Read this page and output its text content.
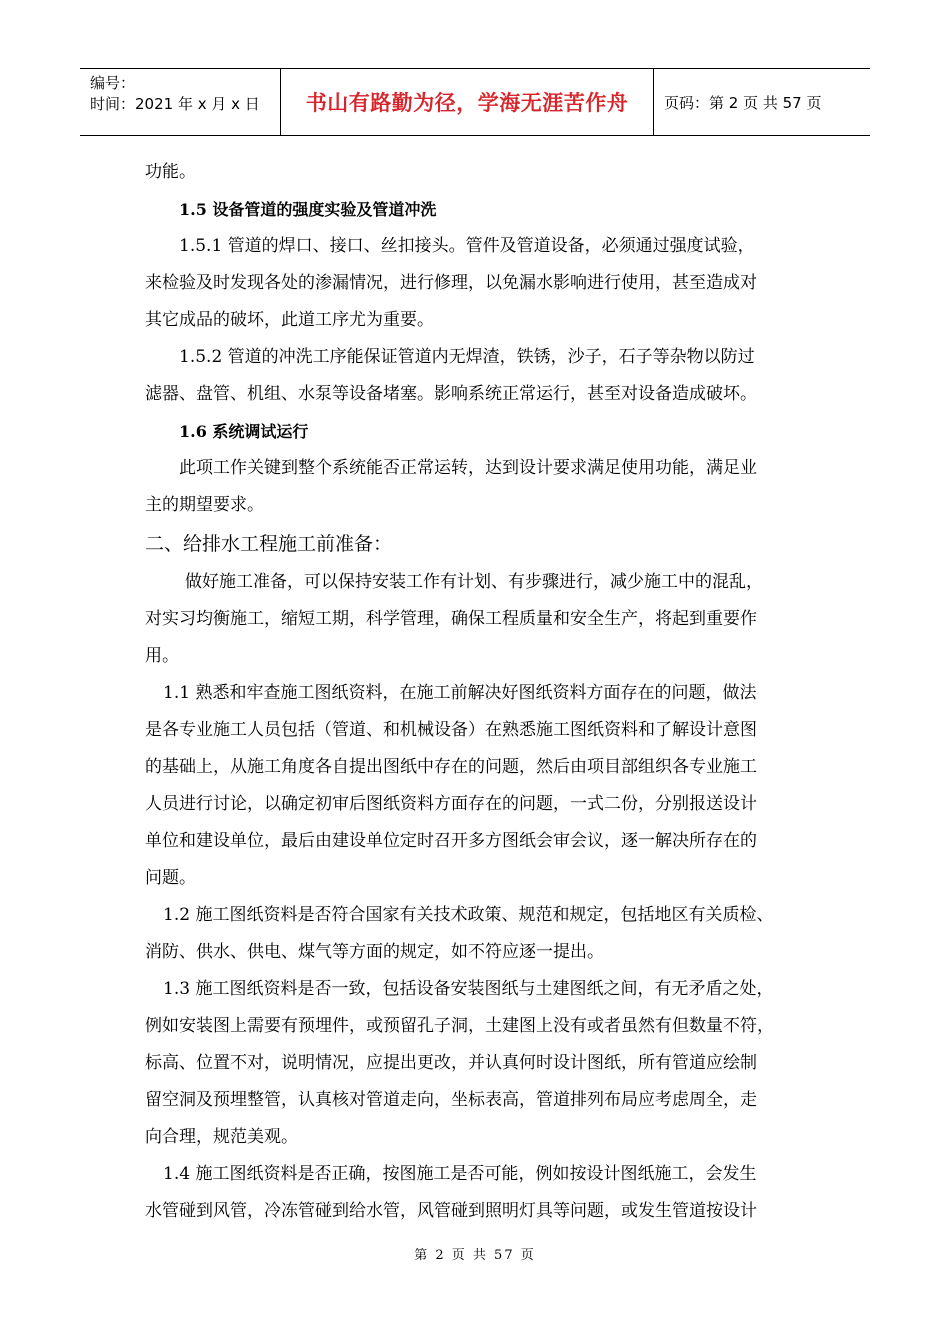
编号：
时间：2021 年 x 月 x 日	书山有路勤为径，学海无涯苦作舟	页码：第 2 页 共 57 页

功能。

1.5 设备管道的强度实验及管道冲洗

1.5.1 管道的焊口、接口、丝扣接头。管件及管道设备，必须通过强度试验，

来检验及时发现各处的渗漏情况，进行修理，以免漏水影响进行使用，甚至造成对

其它成品的破坏，此道工序尤为重要。

1.5.2 管道的冲洗工序能保证管道内无焊渣，铁锈，沙子，石子等杂物以防过

滤器、盘管、机组、水泵等设备堵塞。影响系统正常运行，甚至对设备造成破坏。

1.6 系统调试运行

此项工作关键到整个系统能否正常运转，达到设计要求满足使用功能，满足业

主的期望要求。

二、给排水工程施工前准备：

做好施工准备，可以保持安装工作有计划、有步骤进行，减少施工中的混乱，

对实习均衡施工，缩短工期，科学管理，确保工程质量和安全生产，将起到重要作

用。

1.1 熟悉和牢查施工图纸资料，在施工前解决好图纸资料方面存在的问题，做法

是各专业施工人员包括（管道、和机械设备）在熟悉施工图纸资料和了解设计意图

的基础上，从施工角度各自提出图纸中存在的问题，然后由项目部组织各专业施工

人员进行讨论，以确定初审后图纸资料方面存在的问题，一式二份，分别报送设计

单位和建设单位，最后由建设单位定时召开多方图纸会审会议，逐一解决所存在的

问题。

1.2 施工图纸资料是否符合国家有关技术政策、规范和规定，包括地区有关质检、

消防、供水、供电、煤气等方面的规定，如不符应逐一提出。

1.3 施工图纸资料是否一致，包括设备安装图纸与土建图纸之间，有无矛盾之处，

例如安装图上需要有预埋件，或预留孔子洞，土建图上没有或者虽然有但数量不符，

标高、位置不对，说明情况，应提出更改，并认真何时设计图纸，所有管道应绘制

留空洞及预埋整管，认真核对管道走向，坐标表高，管道排列布局应考虑周全，走

向合理，规范美观。

1.4 施工图纸资料是否正确，按图施工是否可能，例如按设计图纸施工，会发生

水管碰到风管，冷冻管碰到给水管，风管碰到照明灯具等问题，或发生管道按设计

第 2 页 共 57 页
